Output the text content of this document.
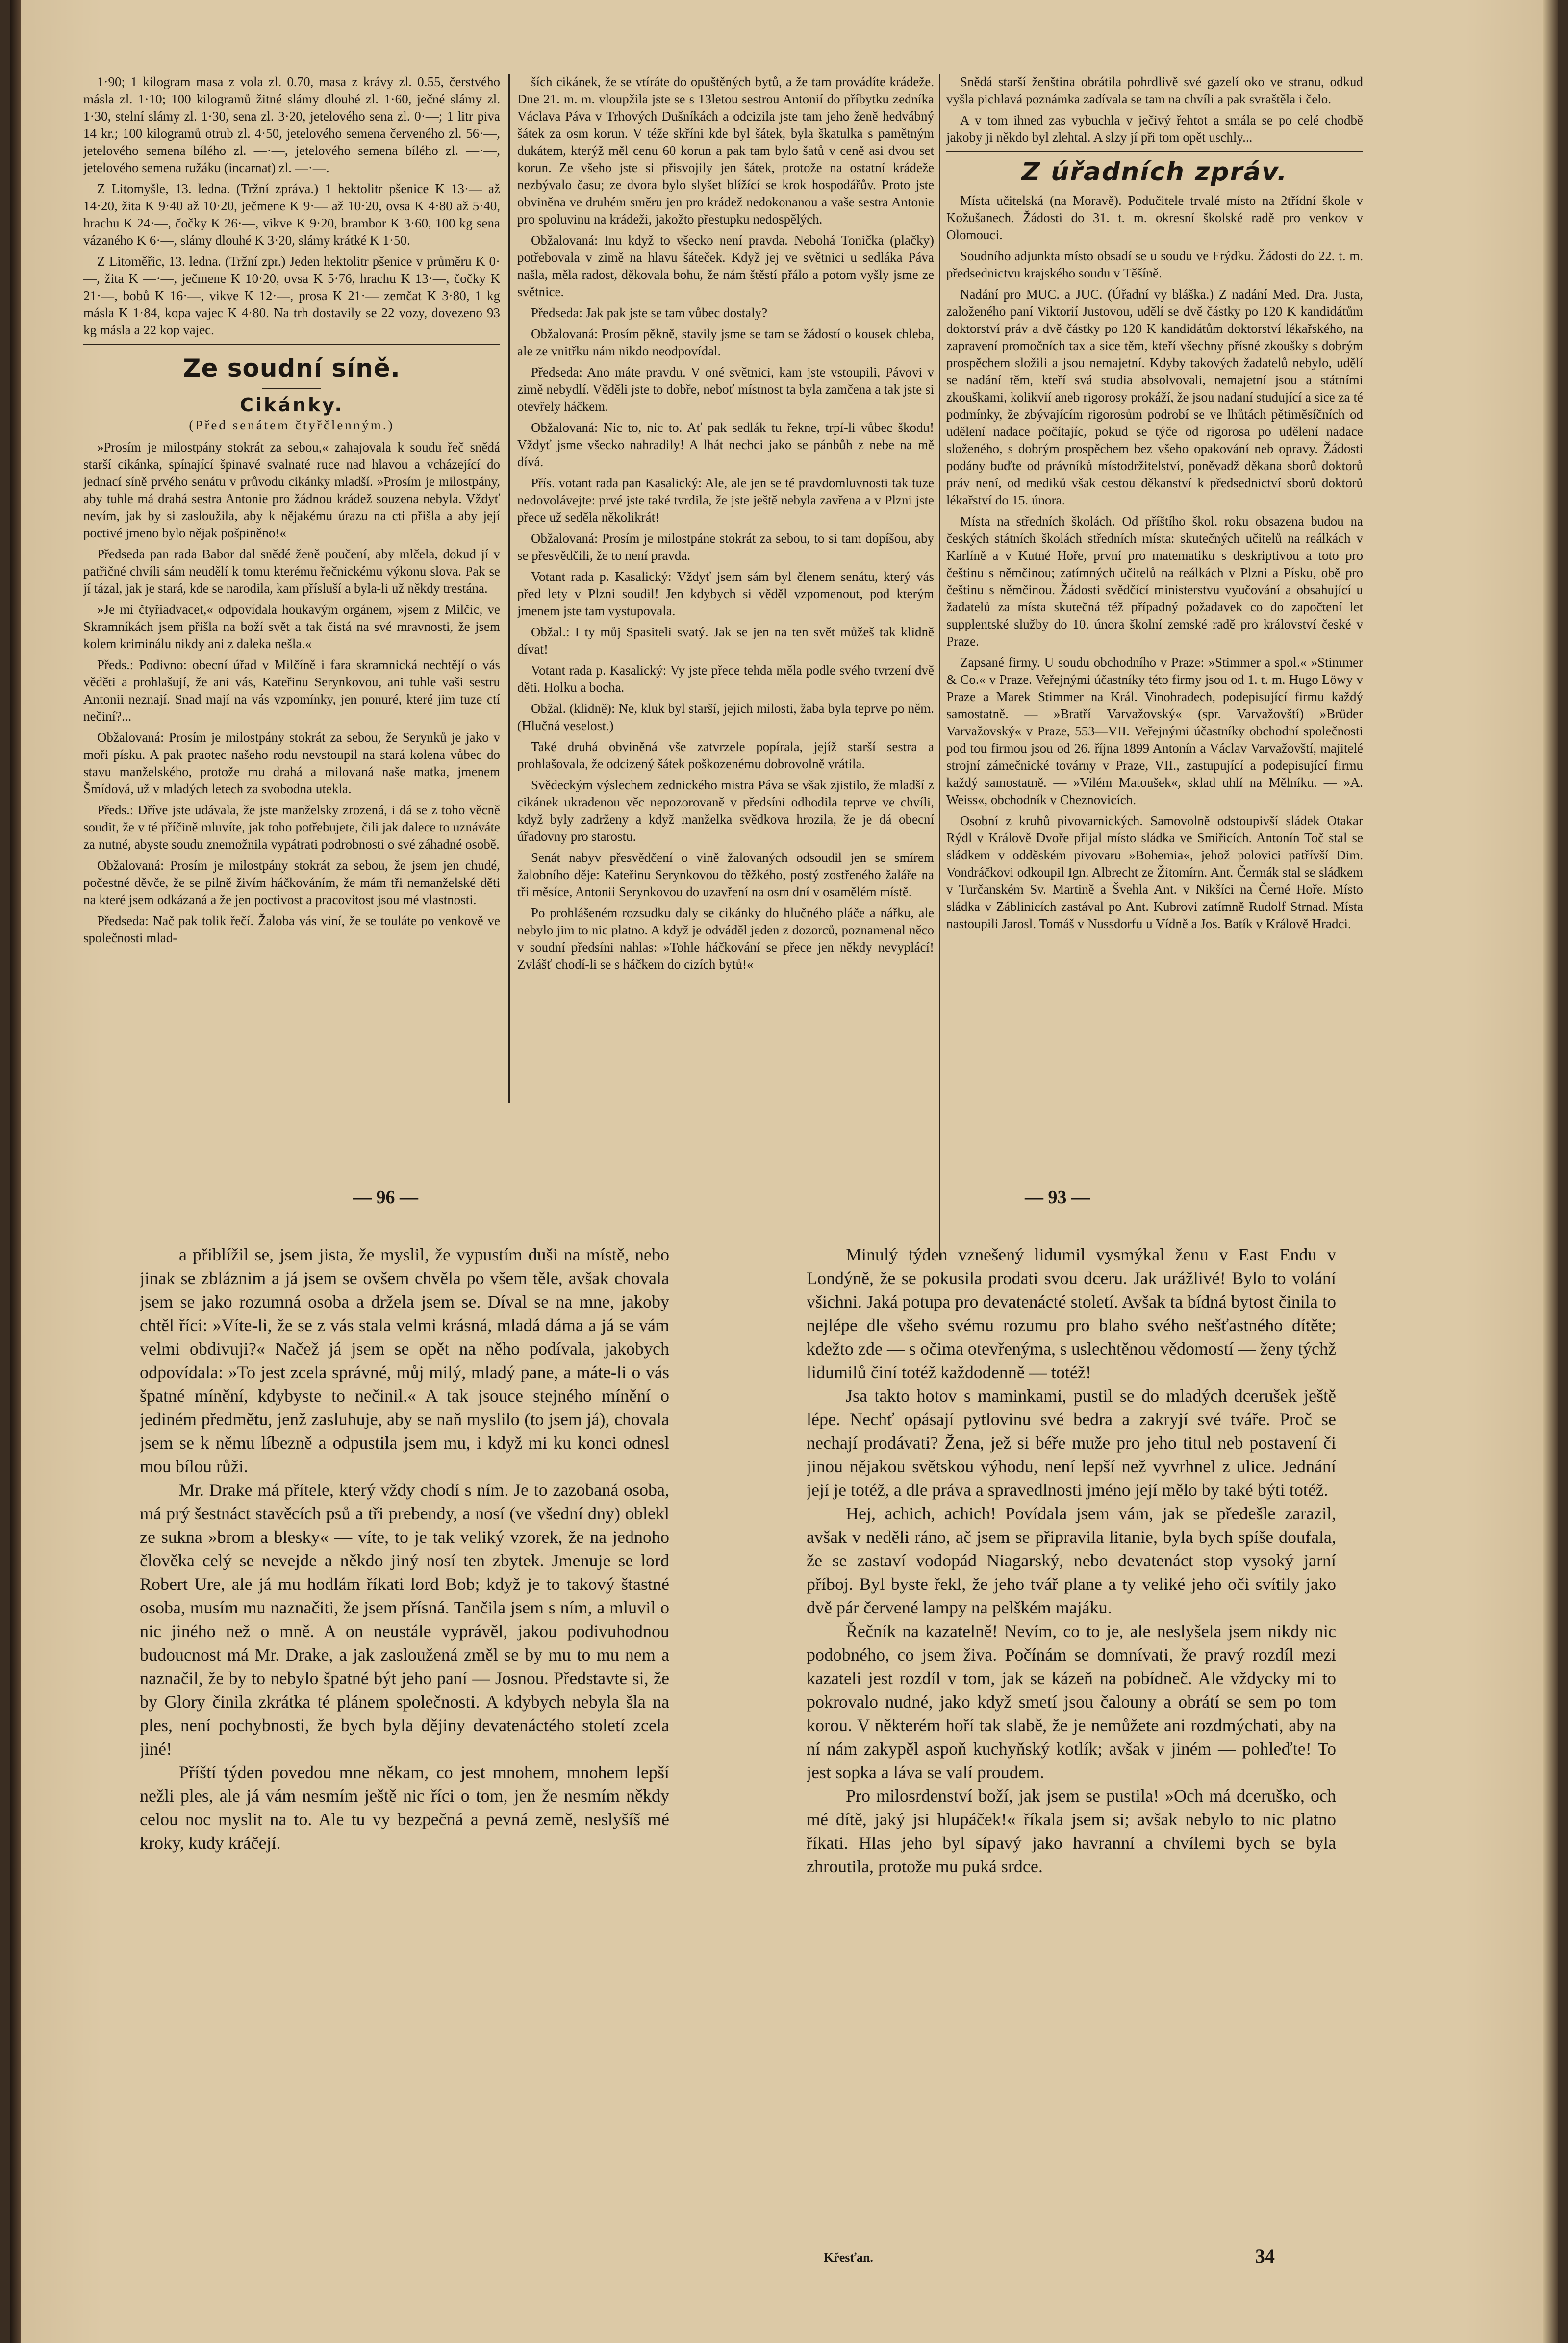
1·90; 1 kilogram masa z vola zl. 0.70, masa z krávy zl. 0.55, čerstvého másla zl. 1·10; 100 kilogramů žitné slámy dlouhé zl. 1·60, ječné slámy zl. 1·30, stelní slámy zl. 1·30, sena zl. 3·20, jetelového sena zl. 0·—; 1 litr piva 14 kr.; 100 kilogramů otrub zl. 4·50, jetelového semena červeného zl. 56·—, jetelového semena bílého zl. —·—, jetelového semena bílého zl. —·—, jetelového semena ružáku (incarnat) zl. —·—.

Z Litomyšle, 13. ledna. (Tržní zpráva.) 1 hektolitr pšenice K 13·— až 14·20, žita K 9·40 až 10·20, ječmene K 9·— až 10·20, ovsa K 4·80 až 5·40, hrachu K 24·—, čočky K 26·—, vikve K 9·20, brambor K 3·60, 100 kg sena vázaného K 6·—, slámy dlouhé K 3·20, slámy krátké K 1·50.

Z Litoměřic, 13. ledna. (Tržní zpr.) Jeden hektolitr pšenice v průměru K 0·—, žita K —·—, ječmene K 10·20, ovsa K 5·76, hrachu K 13·—, čočky K 21·—, bobů K 16·—, vikve K 12·—, prosa K 21·— zemčat K 3·80, 1 kg másla K 1·84, kopa vajec K 4·80. Na trh dostavily se 22 vozy, dovezeno 93 kg másla a 22 kop vajec.

Ze soudní síně.
Cikánky.
(Před senátem čtyřčlenným.)

»Prosím je milostpány stokrát za sebou,« zahajovala k soudu řeč snědá starší cikánka, spínající špinavé svalnaté ruce nad hlavou a vcházející do jednací síně prvého senátu v průvodu cikánky mladší. »Prosím je milostpány, aby tuhle má drahá sestra Antonie pro žádnou krádež souzena nebyla. Vždyť nevím, jak by si zasloužila, aby k nějakému úrazu na cti přišla a aby její poctivé jmeno bylo nějak pošpiněno!«

Předseda pan rada Babor dal snědé ženě poučení, aby mlčela, dokud jí v patřičné chvíli sám neudělí k tomu kterému řečnickému výkonu slova. Pak se jí tázal, jak je stará, kde se narodila, kam přísluší a byla-li už někdy trestána.

»Je mi čtyřiadvacet,« odpovídala houkavým orgánem, »jsem z Milčic, ve Skramníkách jsem přišla na boží svět a tak čistá na své mravnosti, že jsem kolem kriminálu nikdy ani z daleka nešla.«

Předs.: Podivno: obecní úřad v Milčíně i fara skramnická nechtějí o vás věděti a prohlašují, že ani vás, Kateřinu Serynkovou, ani tuhle vaši sestru Antonii neznají. Snad mají na vás vzpomínky, jen ponuré, které jim tuze ctí nečiní?...

Obžalovaná: Prosím je milostpány stokrát za sebou, že Serynků je jako v moři písku. A pak praotec našeho rodu nevstoupil na stará kolena vůbec do stavu manželského, protože mu drahá a milovaná naše matka, jmenem Šmídová, už v mladých letech za svobodna utekla.

Předs.: Dříve jste udávala, že jste manželsky zrozená, i dá se z toho věcně soudit, že v té příčině mluvíte, jak toho potřebujete, čili jak dalece to uznáváte za nutné, abyste soudu znemožnila vypátrati podrobnosti o své záhadné osobě.

Obžalovaná: Prosím je milostpány stokrát za sebou, že jsem jen chudé, počestné děvče, že se pilně živím háčkováním, že mám tři nemanželské děti na které jsem odkázaná a že jen poctivost a pracovitost jsou mé vlastnosti.

Předseda: Nač pak tolik řečí. Žaloba vás viní, že se touláte po venkově ve společnosti mlad-

ších cikánek, že se vtíráte do opuštěných bytů, a že tam provádíte krádeže. Dne 21. m. m. vloupžila jste se s 13letou sestrou Antonií do příbytku zedníka Václava Páva v Trhových Dušníkách a odcizila jste tam jeho ženě hedvábný šátek za osm korun. V téže skříni kde byl šátek, byla škatulka s pamětným dukátem, kterýž měl cenu 60 korun a pak tam bylo šatů v ceně asi dvou set korun. Ze všeho jste si přisvojily jen šátek, protože na ostatní krádeže nezbývalo času; ze dvora bylo slyšet blížící se krok hospodářův. Proto jste obviněna ve druhém směru jen pro krádež nedokonanou a vaše sestra Antonie pro spoluvinu na krádeži, jakožto přestupku nedospělých.

Obžalovaná: Inu když to všecko není pravda. Nebohá Tonička (plačky) potřebovala v zimě na hlavu šáteček. Když jej ve světnici u sedláka Páva našla, měla radost, děkovala bohu, že nám štěstí přálo a potom vyšly jsme ze světnice.

Předseda: Jak pak jste se tam vůbec dostaly?

Obžalovaná: Prosím pěkně, stavily jsme se tam se žádostí o kousek chleba, ale ze vnitřku nám nikdo neodpovídal.

Předseda: Ano máte pravdu. V oné světnici, kam jste vstoupili, Pávovi v zimě nebydlí. Věděli jste to dobře, neboť místnost ta byla zamčena a tak jste si otevřely háčkem.

Obžalovaná: Nic to, nic to. Ať pak sedlák tu řekne, trpí-li vůbec škodu! Vždyť jsme všecko nahradily! A lhát nechci jako se pánbůh z nebe na mě dívá.

Přís. votant rada pan Kasalický: Ale, ale jen se té pravdomluvnosti tak tuze nedovolávejte: prvé jste také tvrdila, že jste ještě nebyla zavřena a v Plzni jste přece už seděla několikrát!

Obžalovaná: Prosím je milostpáne stokrát za sebou, to si tam dopíšou, aby se přesvědčili, že to není pravda.

Votant rada p. Kasalický: Vždyť jsem sám byl členem senátu, který vás před lety v Plzni soudil! Jen kdybych si věděl vzpomenout, pod kterým jmenem jste tam vystupovala.

Obžal.: I ty můj Spasiteli svatý. Jak se jen na ten svět můžeš tak klidně dívat!

Votant rada p. Kasalický: Vy jste přece tehda měla podle svého tvrzení dvě děti. Holku a bocha.

Obžal. (klidně): Ne, kluk byl starší, jejich milosti, žaba byla teprve po něm. (Hlučná veselost.)

Také druhá obviněná vše zatvrzele popírala, jejíž starší sestra a prohlašovala, že odcizený šátek poškozenému dobrovolně vrátila.

Svědeckým výslechem zednického mistra Páva se však zjistilo, že mladší z cikánek ukradenou věc nepozorovaně v předsíni odhodila teprve ve chvíli, když byly zadrženy a když manželka svědkova hrozila, že je dá obecní úřadovny pro starostu.

Senát nabyv přesvědčení o vině žalovaných odsoudil jen se smírem žalobního děje: Kateřinu Serynkovou do těžkého, postý zostřeného žaláře na tři měsíce, Antonii Serynkovou do uzavření na osm dní v osamělém místě.

Po prohlášeném rozsudku daly se cikánky do hlučného pláče a nářku, ale nebylo jim to nic platno. A když je odváděl jeden z dozorců, poznamenal něco v soudní předsíni nahlas: »Tohle háčkování se přece jen někdy nevyplácí! Zvlášť chodí-li se s háčkem do cizích bytů!«

Snědá starší ženština obrátila pohrdlivě své gazelí oko ve stranu, odkud vyšla pichlavá poznámka zadívala se tam na chvíli a pak svraštěla i čelo.

A v tom ihned zas vybuchla v ječivý řehtot a smála se po celé chodbě jakoby ji někdo byl zlehtal. A slzy jí při tom opět uschly...

Z úřadních zpráv.

Místa učitelská (na Moravě). Podučitele trvalé místo na 2třídní škole v Kožušanech. Žádosti do 31. t. m. okresní školské radě pro venkov v Olomouci.

Soudního adjunkta místo obsadí se u soudu ve Frýdku. Žádosti do 22. t. m. předsednictvu krajského soudu v Těšíně.

Nadání pro MUC. a JUC. (Úřadní vy bláška.) Z nadání Med. Dra. Justa, založeného paní Viktorií Justovou, udělí se dvě částky po 120 K kandidátům doktorství práv a dvě částky po 120 K kandidátům doktorství lékařského, na zapravení promočních tax a sice těm, kteří všechny přísné zkoušky s dobrým prospěchem složili a jsou nemajetní. Kdyby takových žadatelů nebylo, udělí se nadání těm, kteří svá studia absolvovali, nemajetní jsou a státními zkouškami, kolikvií aneb rigorosy prokáží, že jsou nadaní studující a sice za té podmínky, že zbývajícím rigorosům podrobí se ve lhůtách pětiměsíčních od udělení nadace počítajíc, pokud se týče od rigorosa po udělení nadace složeného, s dobrým prospěchem bez všeho opakování neb opravy. Žádosti podány buďte od právníků místodržitelství, poněvadž děkana sborů doktorů práv není, od mediků však cestou děkanství k předsednictví sborů doktorů lékařství do 15. února.

Místa na středních školách. Od příštího škol. roku obsazena budou na českých státních školách středních místa: skutečných učitelů na reálkách v Karlíně a v Kutné Hoře, první pro matematiku s deskriptivou a toto pro češtinu s němčinou; zatímných učitelů na reálkách v Plzni a Písku, obě pro češtinu s němčinou. Žádosti svědčící ministerstvu vyučování a obsahující u žadatelů za místa skutečná též případný požadavek co do započtení let supplentské služby do 10. února školní zemské radě pro království české v Praze.

Zapsané firmy. U soudu obchodního v Praze: »Stimmer a spol.« »Stimmer & Co.« v Praze. Veřejnými účastníky této firmy jsou od 1. t. m. Hugo Löwy v Praze a Marek Stimmer na Král. Vinohradech, podepisující firmu každý samostatně. — »Bratří Varvažovský« (spr. Varvažovští) »Brüder Varvažovský« v Praze, 553—VII. Veřejnými účastníky obchodní společnosti pod tou firmou jsou od 26. října 1899 Antonín a Václav Varvažovští, majitelé strojní zámečnické továrny v Praze, VII., zastupující a podepisující firmu každý samostatně. — »Vilém Matoušek«, sklad uhlí na Mělníku. — »A. Weiss«, obchodník v Cheznovicích.

Osobní z kruhů pivovarnických. Samovolně odstoupivší sládek Otakar Rýdl v Králově Dvoře přijal místo sládka ve Smiřicích. Antonín Toč stal se sládkem v odděském pivovaru »Bohemia«, jehož polovici patřívší Dim. Vondráčkovi odkoupil Ign. Albrecht ze Žitomírn. Ant. Čermák stal se sládkem v Turčanském Sv. Martině a Švehla Ant. v Nikšíci na Černé Hoře. Místo sládka v Záblinicích zastával po Ant. Kubrovi zatímně Rudolf Strnad. Místa nastoupili Jarosl. Tomáš v Nussdorfu u Vídně a Jos. Batík v Králově Hradci.

— 96 —	— 93 —

a přiblížil se, jsem jista, že myslil, že vypustím duši na místě, nebo jinak se zbláznim a já jsem se ovšem chvěla po všem těle, avšak chovala jsem se jako rozumná osoba a držela jsem se. Díval se na mne, jakoby chtěl říci: »Víte-li, že se z vás stala velmi krásná, mladá dáma a já se vám velmi obdivuji?« Načež já jsem se opět na něho podívala, jakobych odpovídala: »To jest zcela správné, můj milý, mladý pane, a máte-li o vás špatné mínění, kdybyste to nečinil.« A tak jsouce stejného mínění o jediném předmětu, jenž zasluhuje, aby se naň myslilo (to jsem já), chovala jsem se k němu líbezně a odpustila jsem mu, i když mi ku konci odnesl mou bílou růži.

Mr. Drake má přítele, který vždy chodí s ním. Je to zazobaná osoba, má prý šestnáct stavěcích psů a tři prebendy, a nosí (ve všední dny) oblekl ze sukna »brom a blesky« — víte, to je tak veliký vzorek, že na jednoho člověka celý se nevejde a někdo jiný nosí ten zbytek. Jmenuje se lord Robert Ure, ale já mu hodlám říkati lord Bob; když je to takový štastné osoba, musím mu naznačiti, že jsem přísná. Tančila jsem s ním, a mluvil o nic jiného než o mně. A on neustále vyprávěl, jakou podivuhodnou budoucnost má Mr. Drake, a jak zasloužená změl se by mu to mu nem a naznačil, že by to nebylo špatné být jeho paní — Josnou. Představte si, že by Glory činila zkrátka té plánem společnosti. A kdybych nebyla šla na ples, není pochybnosti, že bych byla dějiny devatenáctého století zcela jiné!

Příští týden povedou mne někam, co jest mnohem, mnohem lepší nežli ples, ale já vám nesmím ještě nic říci o tom, jen že nesmím někdy celou noc myslit na to. Ale tu vy bezpečná a pevná země, neslyšíš mé kroky, kudy kráčejí.

Minulý týden vznešený lidumil vysmýkal ženu v East Endu v Londýně, že se pokusila prodati svou dceru. Jak urážlivé! Bylo to volání všichni. Jaká potupa pro devatenácté století. Avšak ta bídná bytost činila to nejlépe dle všeho svému rozumu pro blaho svého nešťastného dítěte; kdežto zde — s očima otevřenýma, s uslechtěnou vědomostí — ženy týchž lidumilů činí totéž každodenně — totéž!

Jsa takto hotov s maminkami, pustil se do mladých dcerušek ještě lépe. Nechť opásají pytlovinu své bedra a zakryjí své tváře. Proč se nechají prodávati? Žena, jež si béře muže pro jeho titul neb postavení či jinou nějakou světskou výhodu, není lepší než vyvrhnel z ulice. Jednání její je totéž, a dle práva a spravedlnosti jméno její mělo by také býti totéž.

Hej, achich, achich! Povídala jsem vám, jak se předešle zarazil, avšak v neděli ráno, ač jsem se připravila litanie, byla bych spíše doufala, že se zastaví vodopád Niagarský, nebo devatenáct stop vysoký jarní příboj. Byl byste řekl, že jeho tvář plane a ty veliké jeho oči svítily jako dvě pár červené lampy na pelškém majáku.

Řečník na kazatelně! Nevím, co to je, ale neslyšela jsem nikdy nic podobného, co jsem živa. Počínám se domnívati, že pravý rozdíl mezi kazateli jest rozdíl v tom, jak se kázeň na pobídneč. Ale vždycky mi to pokrovalo nudné, jako když smetí jsou čalouny a obrátí se sem po tom korou. V některém hoří tak slabě, že je nemůžete ani rozdmýchati, aby na ní nám zakypěl aspoň kuchyňský kotlík; avšak v jiném — pohleďte! To jest sopka a láva se valí proudem.

Pro milosrdenství boží, jak jsem se pustila! »Och má dceruško, och mé dítě, jaký jsi hlupáček!« říkala jsem si; avšak nebylo to nic platno říkati. Hlas jeho byl sípavý jako havranní a chvílemi bych se byla zhroutila, protože mu puká srdce.

Křesťan.	34
